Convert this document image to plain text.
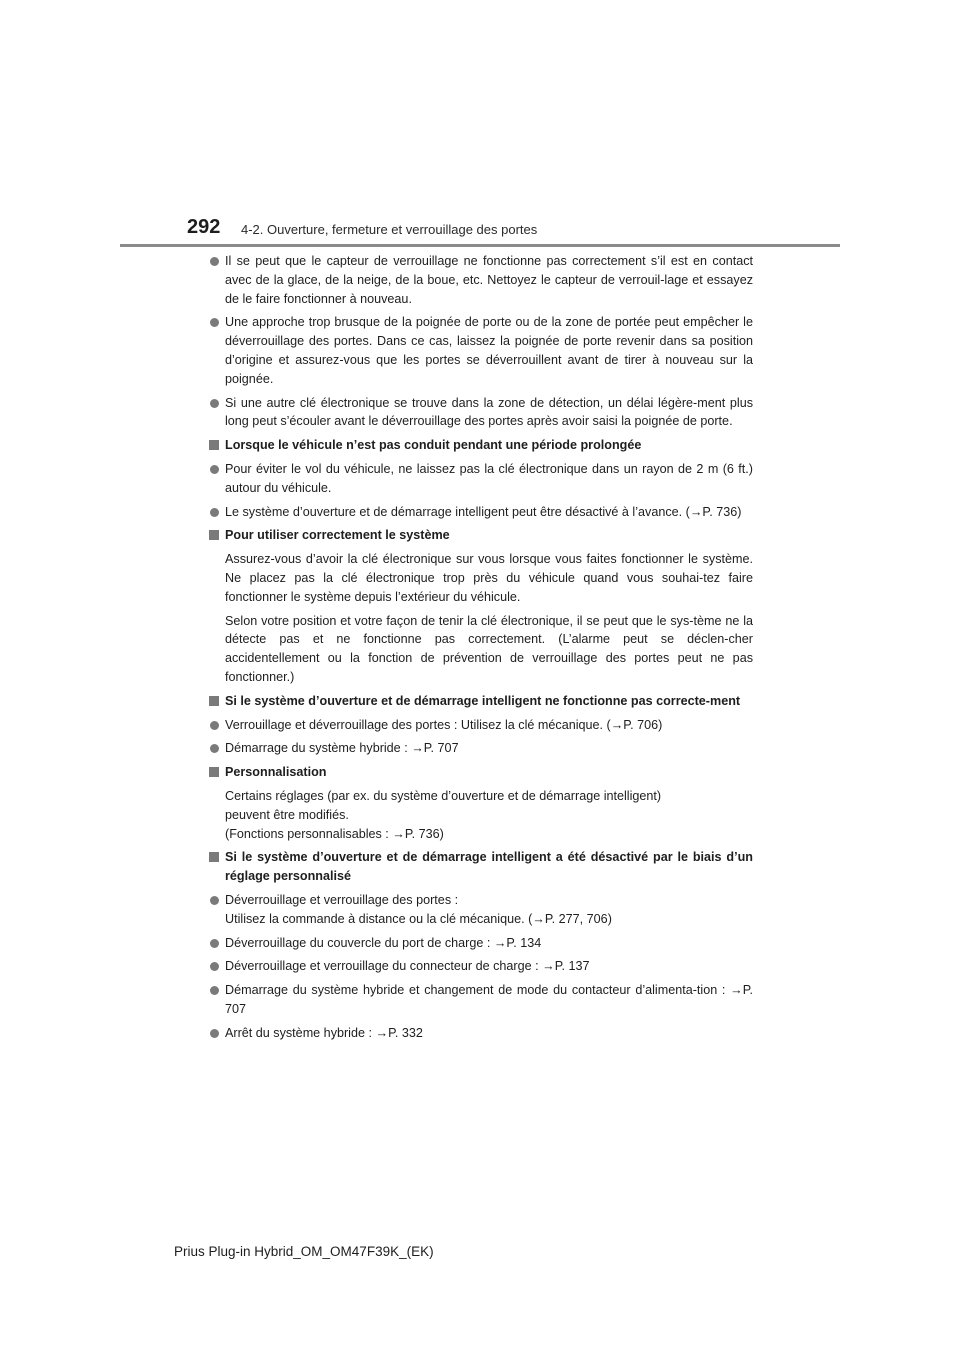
292 4-2. Ouverture, fermeture et verrouillage des portes
Il se peut que le capteur de verrouillage ne fonctionne pas correctement s’il est en contact avec de la glace, de la neige, de la boue, etc. Nettoyez le capteur de verrouil-lage et essayez de le faire fonctionner à nouveau.
Une approche trop brusque de la poignée de porte ou de la zone de portée peut empêcher le déverrouillage des portes. Dans ce cas, laissez la poignée de porte revenir dans sa position d’origine et assurez-vous que les portes se déverrouillent avant de tirer à nouveau sur la poignée.
Si une autre clé électronique se trouve dans la zone de détection, un délai légère-ment plus long peut s’écouler avant le déverrouillage des portes après avoir saisi la poignée de porte.
Lorsque le véhicule n’est pas conduit pendant une période prolongée
Pour éviter le vol du véhicule, ne laissez pas la clé électronique dans un rayon de 2 m (6 ft.) autour du véhicule.
Le système d’ouverture et de démarrage intelligent peut être désactivé à l’avance. (→P. 736)
Pour utiliser correctement le système
Assurez-vous d’avoir la clé électronique sur vous lorsque vous faites fonctionner le système. Ne placez pas la clé électronique trop près du véhicule quand vous souhai-tez faire fonctionner le système depuis l’extérieur du véhicule.
Selon votre position et votre façon de tenir la clé électronique, il se peut que le sys-tème ne la détecte pas et ne fonctionne pas correctement. (L’alarme peut se déclen-cher accidentellement ou la fonction de prévention de verrouillage des portes peut ne pas fonctionner.)
Si le système d’ouverture et de démarrage intelligent ne fonctionne pas correcte-ment
Verrouillage et déverrouillage des portes : Utilisez la clé mécanique. (→P. 706)
Démarrage du système hybride : →P. 707
Personnalisation
Certains réglages (par ex. du système d’ouverture et de démarrage intelligent)
peuvent être modifiés.
(Fonctions personnalisables : →P. 736)
Si le système d’ouverture et de démarrage intelligent a été désactivé par le biais d’un réglage personnalisé
Déverrouillage et verrouillage des portes :
Utilisez la commande à distance ou la clé mécanique. (→P. 277, 706)
Déverrouillage du couvercle du port de charge : →P. 134
Déverrouillage et verrouillage du connecteur de charge : →P. 137
Démarrage du système hybride et changement de mode du contacteur d’alimenta-tion : →P. 707
Arrêt du système hybride : →P. 332
Prius Plug-in Hybrid_OM_OM47F39K_(EK)
